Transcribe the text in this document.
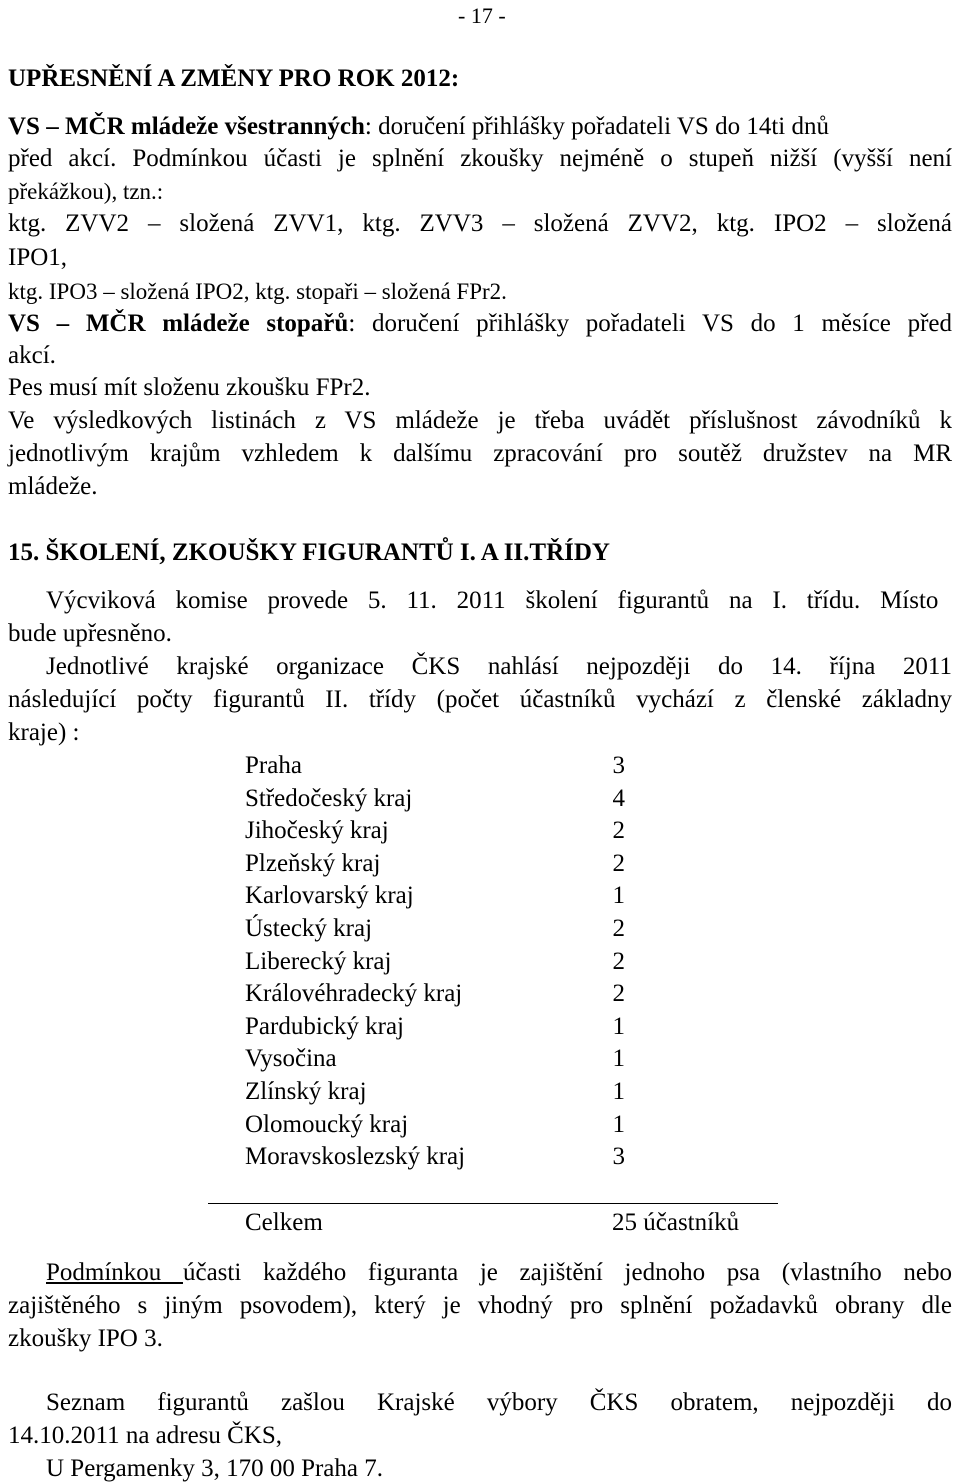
- 17 -
UPŘESNĚNÍ A ZMĚNY PRO ROK 2012:
VS – MČR mládeže všestranných: doručení přihlášky pořadateli VS do 14ti dnů
před akcí. Podmínkou účasti je splnění zkoušky nejméně o stupeň nižší (vyšší není
překážkou), tzn.:
ktg. ZVV2 – složená ZVV1, ktg. ZVV3 – složená ZVV2, ktg. IPO2 – složená
IPO1,
ktg. IPO3 – složená IPO2, ktg. stopaři – složená FPr2.
VS – MČR mládeže stopařů: doručení přihlášky pořadateli VS do 1 měsíce před
akcí.
Pes musí mít složenu zkoušku FPr2.
Ve výsledkových listinách z VS mládeže je třeba uvádět příslušnost závodníků k
jednotlivým krajům vzhledem k dalšímu zpracování pro soutěž družstev na MR
mládeže.
15. ŠKOLENÍ, ZKOUŠKY FIGURANTŮ I. A II.TŘÍDY
Výcviková komise provede 5. 11. 2011 školení figurantů na I. třídu. Místo
bude upřesněno.
Jednotlivé krajské organizace ČKS nahlásí nejpozději do 14. října 2011
následující počty figurantů II. třídy (počet účastníků vychází z členské základny
kraje) :
Praha	3
Středočeský kraj	4
Jihočeský kraj	2
Plzeňský kraj	2
Karlovarský kraj	1
Ústecký kraj	2
Liberecký kraj	2
Královéhradecký kraj	2
Pardubický kraj	1
Vysočina	1
Zlínský kraj	1
Olomoucký kraj	1
Moravskoslezský kraj	3
Celkem	25 účastníků
Podmínkou účasti každého figuranta je zajištění jednoho psa (vlastního nebo
zajištěného s jiným psovodem), který je vhodný pro splnění požadavků obrany dle
zkoušky IPO 3.
Seznam figurantů zašlou Krajské výbory ČKS obratem, nejpozději do
14.10.2011 na adresu ČKS,
U Pergamenky 3, 170 00 Praha 7.
